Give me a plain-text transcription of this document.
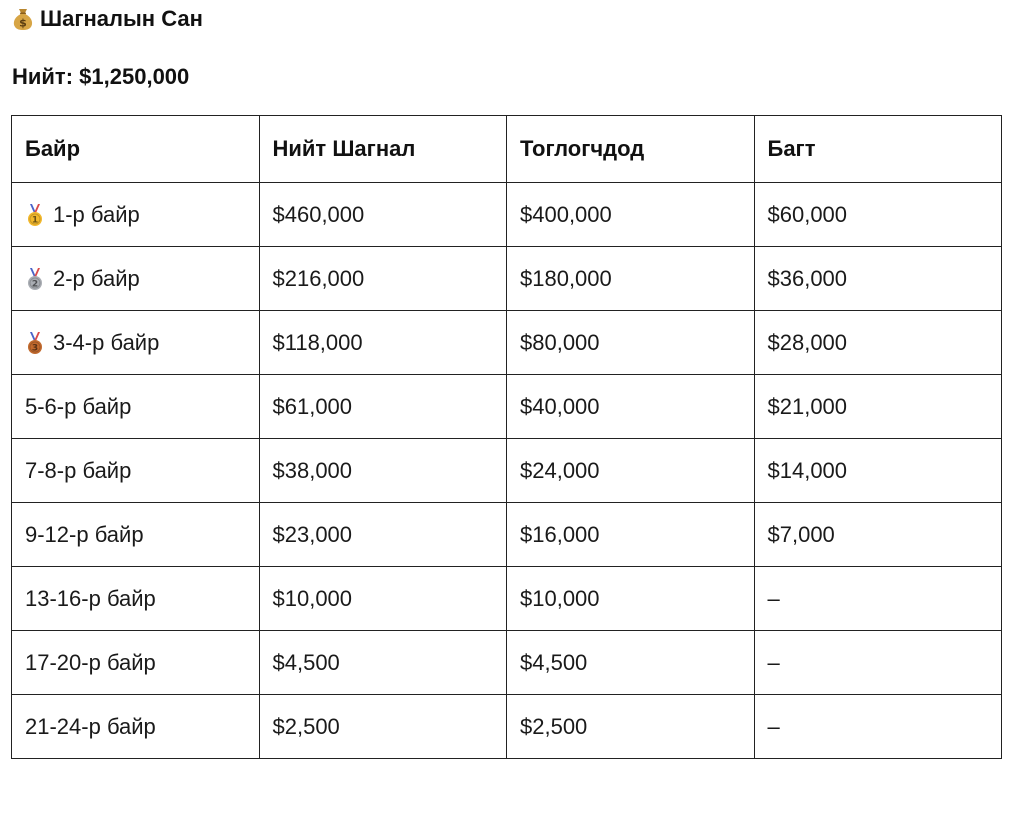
$ Шагналын Сан
Нийт:
$1,250,000
Байр	Нийт Шагнал	Тоглогчдод	Багт

1 1-р байр	$460,000	$400,000	$60,000

2 2-р байр	$216,000	$180,000	$36,000

3 3-4-р байр	$118,000	$80,000	$28,000

5-6-р байр	$61,000	$40,000	$21,000

7-8-р байр	$38,000	$24,000	$14,000

9-12-р байр	$23,000	$16,000	$7,000

13-16-р байр	$10,000	$10,000	–

17-20-р байр	$4,500	$4,500	–

21-24-р байр	$2,500	$2,500	–
